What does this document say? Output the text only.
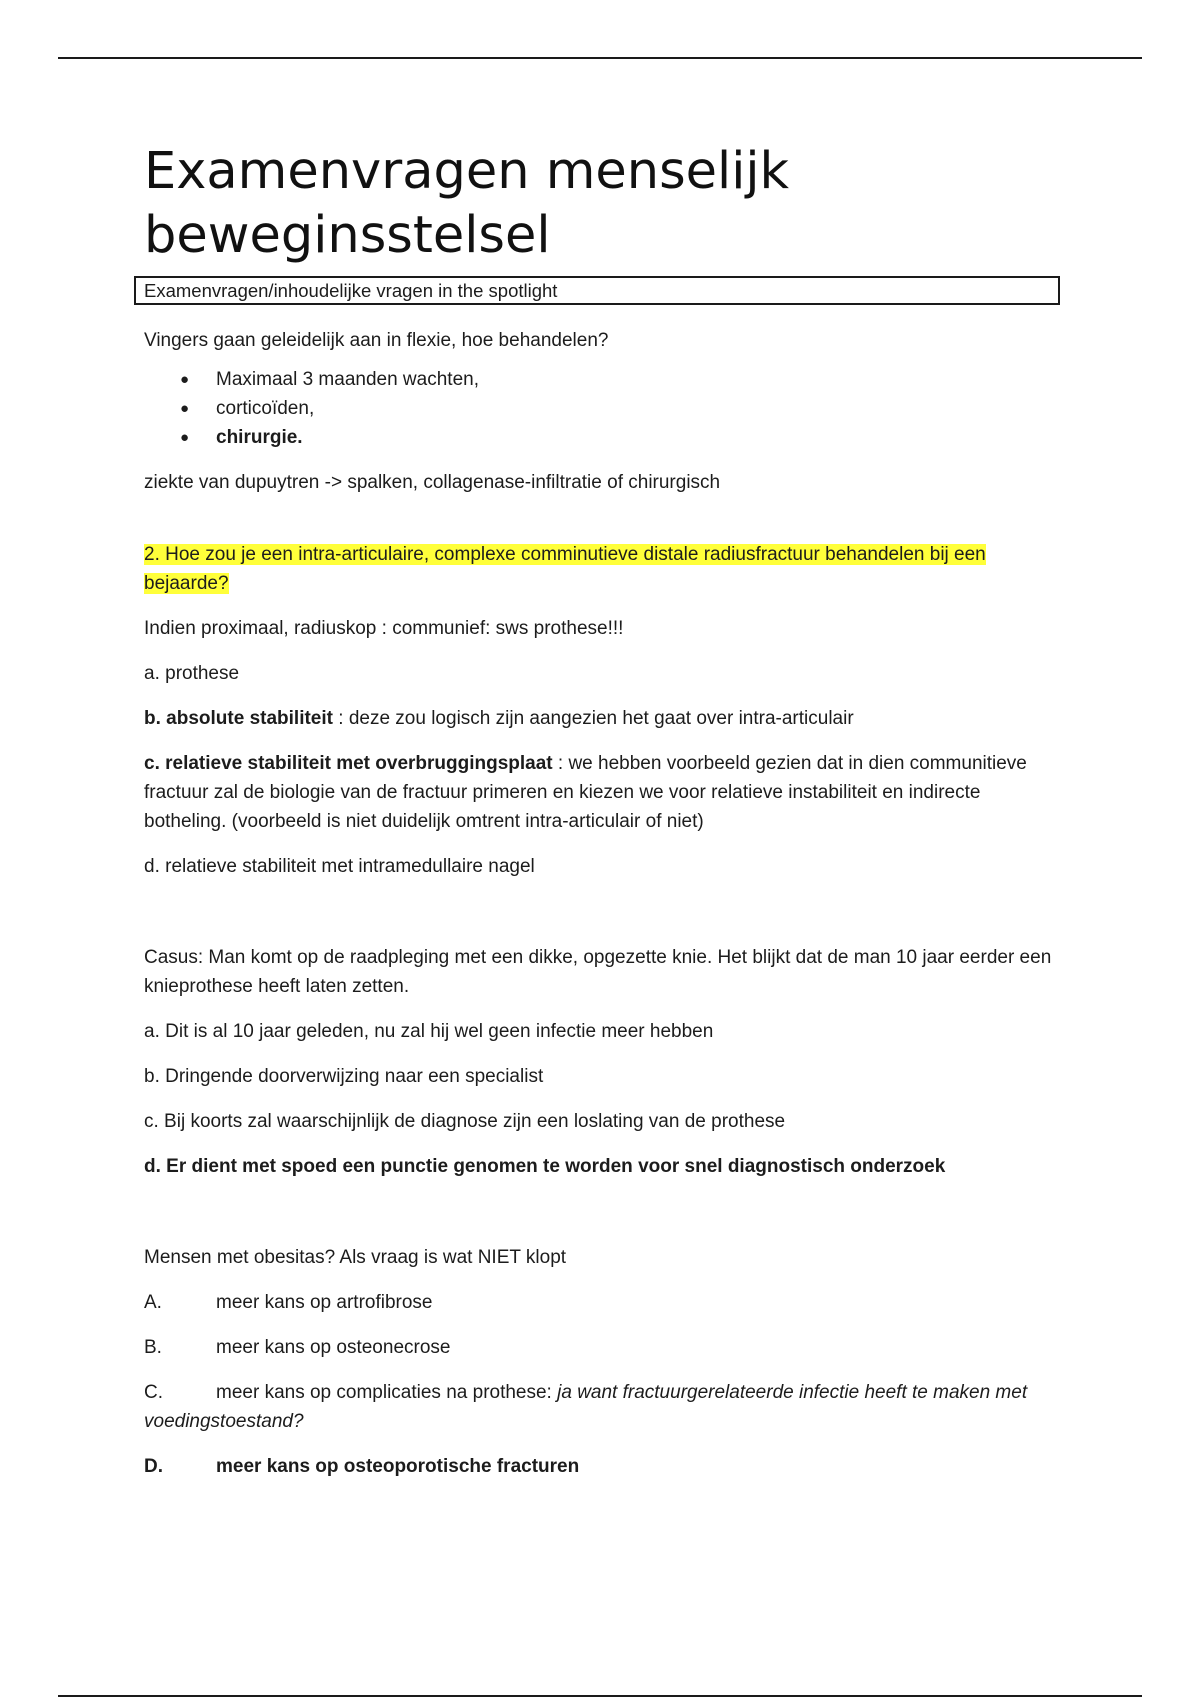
Examenvragen menselijk
beweginsstelsel
Examenvragen/inhoudelijke vragen in the spotlight

Vingers gaan geleidelijk aan in flexie, hoe behandelen?

● Maximaal 3 maanden wachten,
● corticoïden,
● chirurgie.

ziekte van dupuytren -> spalken, collagenase-infiltratie of chirurgisch

2. Hoe zou je een intra-articulaire, complexe comminutieve distale radiusfractuur behandelen bij een bejaarde?

Indien proximaal, radiuskop : communief: sws prothese!!!

a. prothese

b. absolute stabiliteit : deze zou logisch zijn aangezien het gaat over intra-articulair

c. relatieve stabiliteit met overbruggingsplaat : we hebben voorbeeld gezien dat in dien communitieve fractuur zal de biologie van de fractuur primeren en kiezen we voor relatieve instabiliteit en indirecte botheling. (voorbeeld is niet duidelijk omtrent intra-articulair of niet)

d. relatieve stabiliteit met intramedullaire nagel

Casus: Man komt op de raadpleging met een dikke, opgezette knie. Het blijkt dat de man 10 jaar eerder een knieprothese heeft laten zetten.

a. Dit is al 10 jaar geleden, nu zal hij wel geen infectie meer hebben

b. Dringende doorverwijzing naar een specialist

c. Bij koorts zal waarschijnlijk de diagnose zijn een loslating van de prothese

d. Er dient met spoed een punctie genomen te worden voor snel diagnostisch onderzoek

Mensen met obesitas? Als vraag is wat NIET klopt

A.	meer kans op artrofibrose

B.	meer kans op osteonecrose

C.	meer kans op complicaties na prothese: ja want fractuurgerelateerde infectie heeft te maken met voedingstoestand?

D.	meer kans op osteoporotische fracturen
